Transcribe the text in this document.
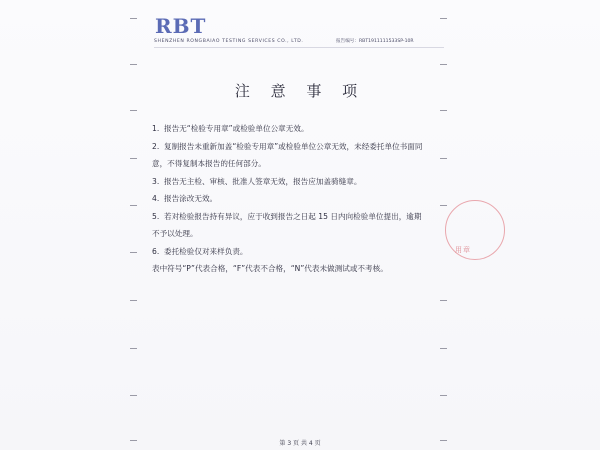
RBT
SHENZHEN RONGBAIAO TESTING SERVICES CO., LTD.	报告编号：RBT1911111533SP-10R
注 意 事 项
1. 报告无“检验专用章”或检验单位公章无效。
2. 复制报告未重新加盖“检验专用章”或检验单位公章无效，未经委托单位书面同
意，不得复制本报告的任何部分。
3. 报告无主检、审核、批准人签章无效，报告应加盖骑缝章。
4. 报告涂改无效。
5. 若对检验报告持有异议，应于收到报告之日起 15 日内向检验单位提出，逾期
不予以处理。
6. 委托检验仅对来样负责。
表中符号“P”代表合格，“F”代表不合格，“N”代表未做测试或不考核。
用章
第 3 页 共 4 页
